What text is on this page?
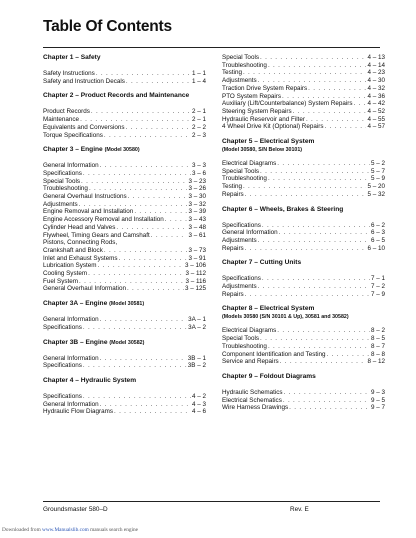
Table Of Contents
Chapter 1 – Safety
Safety Instructions . . .	1 – 1
Safety and Instruction Decals . . .	1 – 4
Chapter 2 – Product Records and Maintenance
Product Records . . .	2 – 1
Maintenance . . .	2 – 1
Equivalents and Conversions . . .	2 – 2
Torque Specifications . . .	2 – 3
Chapter 3 – Engine (Model 30580)
General Information . . .	3 – 3
Specifications . . .	3 – 6
Special Tools . . .	3 – 23
Troubleshooting . . .	3 – 26
General Overhaul Instructions . . .	3 – 30
Adjustments . . .	3 – 32
Engine Removal and Installation . . .	3 – 39
Engine Accessory Removal and Installation . . .	3 – 43
Cylinder Head and Valves . . .	3 – 48
Flywheel, Timing Gears and Camshaft . . .	3 – 61
Pistons, Connecting Rods,
Crankshaft and Block . . .	3 – 73
Inlet and Exhaust Systems . . .	3 – 91
Lubrication System . . .	3 – 106
Cooling System . . .	3 – 112
Fuel System . . .	3 – 116
General Overhaul Information . . .	3 – 125
Chapter 3A – Engine (Model 30581)
General Information . . .	3A – 1
Specifications . . .	3A – 2
Chapter 3B – Engine (Model 30582)
General Information . . .	3B – 1
Specifications . . .	3B – 2
Chapter 4 – Hydraulic System
Specifications . . .	4 – 2
General Information . . .	4 – 3
Hydraulic Flow Diagrams . . .	4 – 6
Special Tools . . .	4 – 13
Troubleshooting . . .	4 – 14
Testing . . .	4 – 23
Adjustments . . .	4 – 30
Traction Drive System Repairs . . .	4 – 32
PTO System Repairs . . .	4 – 36
Auxiliary (Lift/Counterbalance) System Repairs . . . 4 – 42
Steering System Repairs . . .	4 – 52
Hydraulic Reservoir and Filter . . .	4 – 55
4 Wheel Drive Kit (Optional) Repairs . . .	4 – 57
Chapter 5 – Electrical System
(Model 30580, S/N Below 30101)
Electrical Diagrams . . .	5 – 2
Special Tools . . .	5 – 7
Troubleshooting . . .	5 – 9
Testing . . .	5 – 20
Repairs . . .	5 – 32
Chapter 6 – Wheels, Brakes & Steering
Specifications . . .	6 – 2
General Information . . .	6 – 3
Adjustments . . .	6 – 5
Repairs . . .	6 – 10
Chapter 7 – Cutting Units
Specifications . . .	7 – 1
Adjustments . . .	7 – 2
Repairs . . .	7 – 9
Chapter 8 – Electrical System
(Models 30580 (S/N 30101 & Up), 30581 and 30582)
Electrical Diagrams . . .	8 – 2
Special Tools . . .	8 – 5
Troubleshooting . . .	8 – 7
Component Identification and Testing . . .	8 – 8
Service and Repairs . . .	8 – 12
Chapter 9 – Foldout Diagrams
Hydraulic Schematics . . .	9 – 3
Electrical Schematics . . .	9 – 5
Wire Harness Drawings . . .	9 – 7
Groundsmaster 580–D	Rev. E
Downloaded from www.Manualslib.com manuals search engine
